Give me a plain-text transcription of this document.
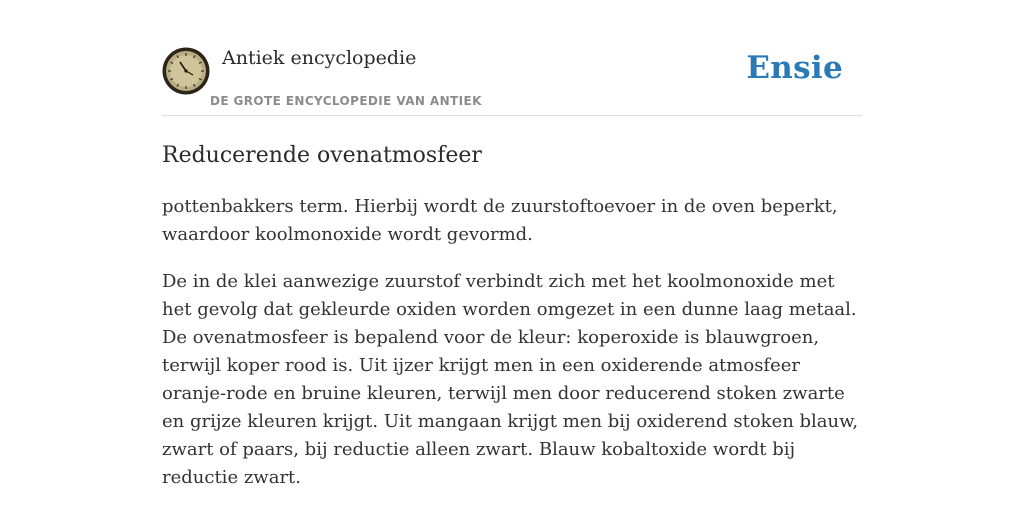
Antiek encyclopedie
DE GROTE ENCYCLOPEDIE VAN ANTIEK
Ensie
Reducerende ovenatmosfeer

pottenbakkers term. Hierbij wordt de zuurstoftoevoer in de oven beperkt, waardoor koolmonoxide wordt gevormd.

De in de klei aanwezige zuurstof verbindt zich met het koolmonoxide met het gevolg dat gekleurde oxiden worden omgezet in een dunne laag metaal. De ovenatmosfeer is bepalend voor de kleur: koperoxide is blauwgroen, terwijl koper rood is. Uit ijzer krijgt men in een oxiderende atmosfeer oranje-rode en bruine kleuren, terwijl men door reducerend stoken zwarte en grijze kleuren krijgt. Uit mangaan krijgt men bij oxiderend stoken blauw, zwart of paars, bij reductie alleen zwart. Blauw kobaltoxide wordt bij reductie zwart.
